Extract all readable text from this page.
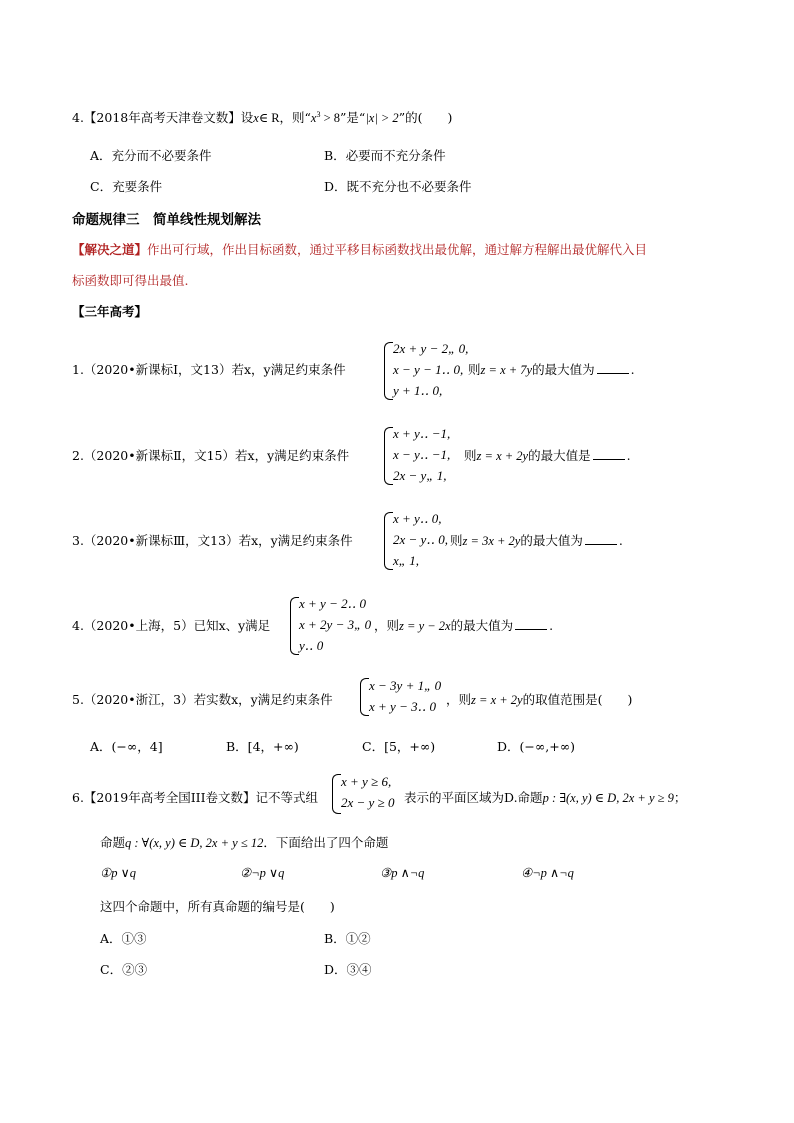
4.【2018年高考天津卷文数】设x∈ R，则“$x^3 > 8$”是“|x| > 2”的(　　)
A．充分而不必要条件	B．必要而不充分条件
C．充要条件	D．既不充分也不必要条件
命题规律三　简单线性规划解法
【解决之道】作出可行域，作出目标函数，通过平移目标函数找出最优解，通过解方程解出最优解代入目
标函数即可得出最值.
【三年高考】
1.（2020•新课标Ⅰ，文13）若x，y满足约束条件
2x + y − 2„ 0,
x − y − 1‥ 0,
y + 1‥ 0,
则z = x + 7y的最大值为	.
2.（2020•新课标Ⅱ，文15）若x，y满足约束条件
x + y‥ −1,
x − y‥ −1,
2x − y„ 1,
则z = x + 2y的最大值是	.
3.（2020•新课标Ⅲ，文13）若x，y满足约束条件
x + y‥ 0,
2x − y‥ 0,
x„ 1,
则z = 3x + 2y的最大值为	.
4.（2020•上海，5）已知x、y满足
x + y − 2‥ 0
x + 2y − 3„ 0
y‥ 0
，则z = y − 2x的最大值为	.
5.（2020•浙江，3）若实数x，y满足约束条件
x − 3y + 1„ 0
x + y − 3‥ 0 ，则z = x + 2y的取值范围是(　　)
A．(−∞，4]	B．[4，+∞)	C．[5，+∞)	D．(−∞,+∞)
6.【2019年高考全国III卷文数】记不等式组
x + y ≥ 6,
2x − y ≥ 0 表示的平面区域为D.命题p : ∃(x, y) ∈ D, 2x + y ≥ 9；
命题q : ∀(x, y) ∈ D, 2x + y ≤ 12．下面给出了四个命题
①p ∨q	②¬p ∨q	③p ∧¬q	④¬p ∧¬q
这四个命题中，所有真命题的编号是(　　)
A．①③	B．①②
C．②③	D．③④
